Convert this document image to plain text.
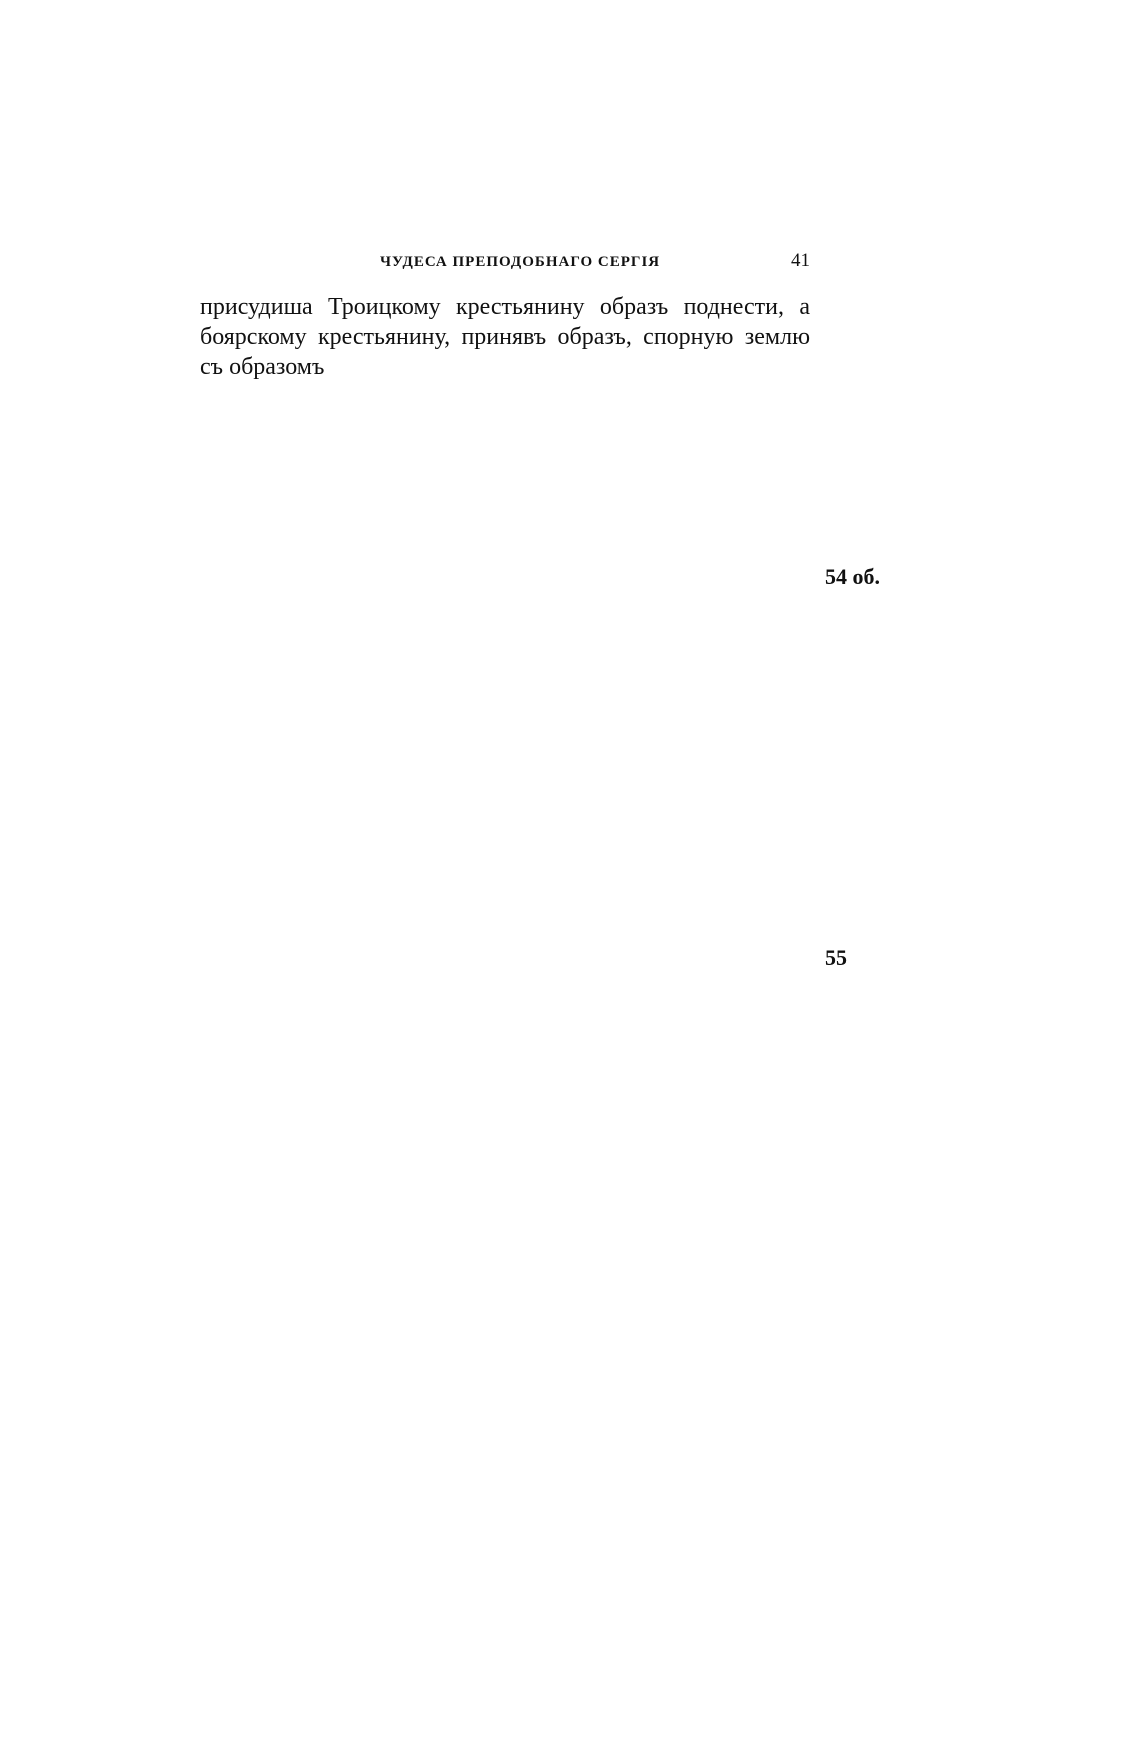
ЧУДЕСА ПРЕПОДОБНАГО СЕРГІЯ	41

присудиша Троицкому крестьянину образъ поднести, а боярскому крестьянину, принявъ образъ, спорную землю съ образомъ

54 об.
55
